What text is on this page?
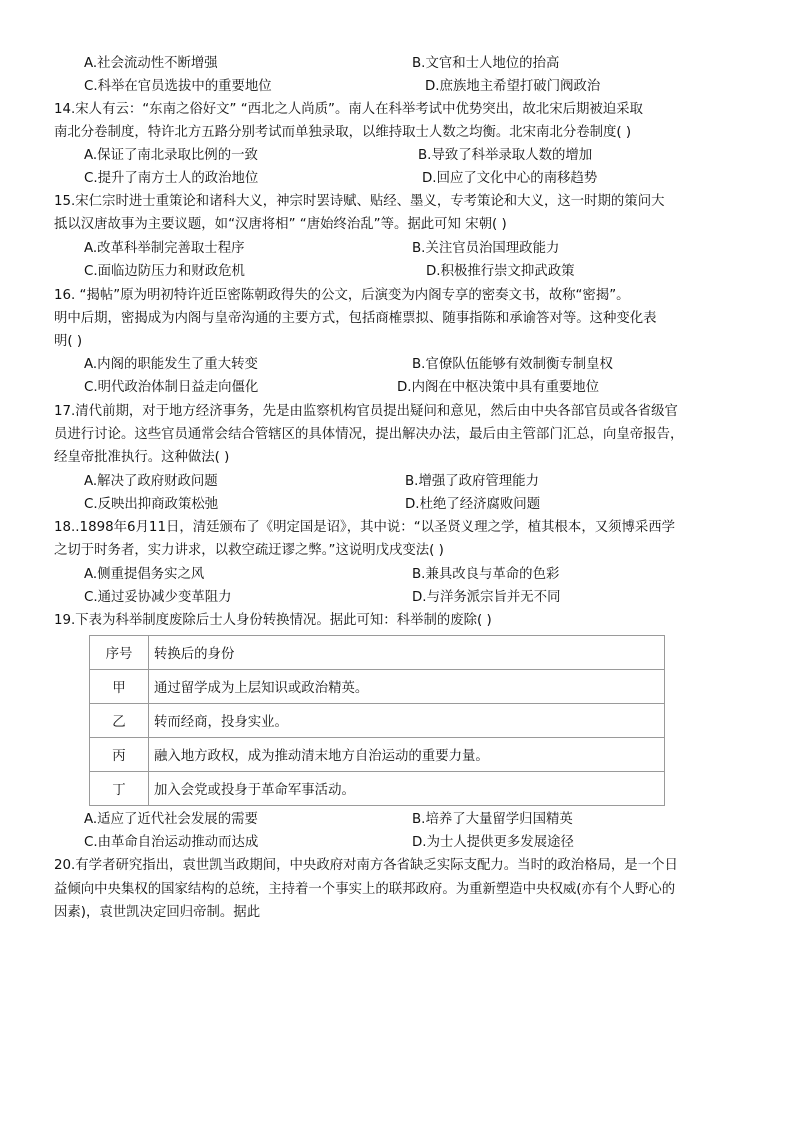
A.社会流动性不断增强	B.文官和士人地位的抬高
C.科举在官员选拔中的重要地位	D.庶族地主希望打破门阀政治
14.宋人有云：“东南之俗好文” “西北之人尚质”。南人在科举考试中优势突出，故北宋后期被迫采取
南北分卷制度，特许北方五路分别考试而单独录取，以维持取士人数之均衡。北宋南北分卷制度( )
A.保证了南北录取比例的一致	B.导致了科举录取人数的增加
C.提升了南方士人的政治地位	D.回应了文化中心的南移趋势
15.宋仁宗时进士重策论和诸科大义，神宗时罢诗赋、贴经、墨义，专考策论和大义，这一时期的策问大
抵以汉唐故事为主要议题，如“汉唐将相” “唐始终治乱”等。据此可知 宋朝( )
A.改革科举制完善取士程序	B.关注官员治国理政能力
C.面临边防压力和财政危机	D.积极推行崇文抑武政策
16. “揭帖”原为明初特许近臣密陈朝政得失的公文，后演变为内阁专享的密奏文书，故称“密揭”。
明中后期，密揭成为内阁与皇帝沟通的主要方式，包括商榷票拟、随事指陈和承谕答对等。这种变化表
明( )
A.内阁的职能发生了重大转变	B.官僚队伍能够有效制衡专制皇权
C.明代政治体制日益走向僵化	D.内阁在中枢决策中具有重要地位
17.清代前期，对于地方经济事务，先是由监察机构官员提出疑问和意见，然后由中央各部官员或各省级官
员进行讨论。这些官员通常会结合管辖区的具体情况，提出解决办法，最后由主管部门汇总，向皇帝报告，
经皇帝批准执行。这种做法( )
A.解决了政府财政问题	B.增强了政府管理能力
C.反映出抑商政策松弛	D.杜绝了经济腐败问题
18..1898年6月11日，清廷颁布了《明定国是诏》，其中说：“以圣贤义理之学，植其根本，又须博采西学
之切于时务者，实力讲求，以救空疏迂谬之弊。”这说明戊戌变法( )
A.侧重提倡务实之风	B.兼具改良与革命的色彩
C.通过妥协减少变革阻力	D.与洋务派宗旨并无不同
19.下表为科举制度废除后士人身份转换情况。据此可知：科举制的废除( )
序号	转换后的身份
甲	通过留学成为上层知识或政治精英。
乙	转而经商，投身实业。
丙	融入地方政权，成为推动清末地方自治运动的重要力量。
丁	加入会党或投身于革命军事活动。
A.适应了近代社会发展的需要	B.培养了大量留学归国精英
C.由革命自治运动推动而达成	D.为士人提供更多发展途径
20.有学者研究指出，袁世凯当政期间，中央政府对南方各省缺乏实际支配力。当时的政治格局，是一个日
益倾向中央集权的国家结构的总统，主持着一个事实上的联邦政府。为重新塑造中央权威(亦有个人野心的
因素)，袁世凯决定回归帝制。据此
